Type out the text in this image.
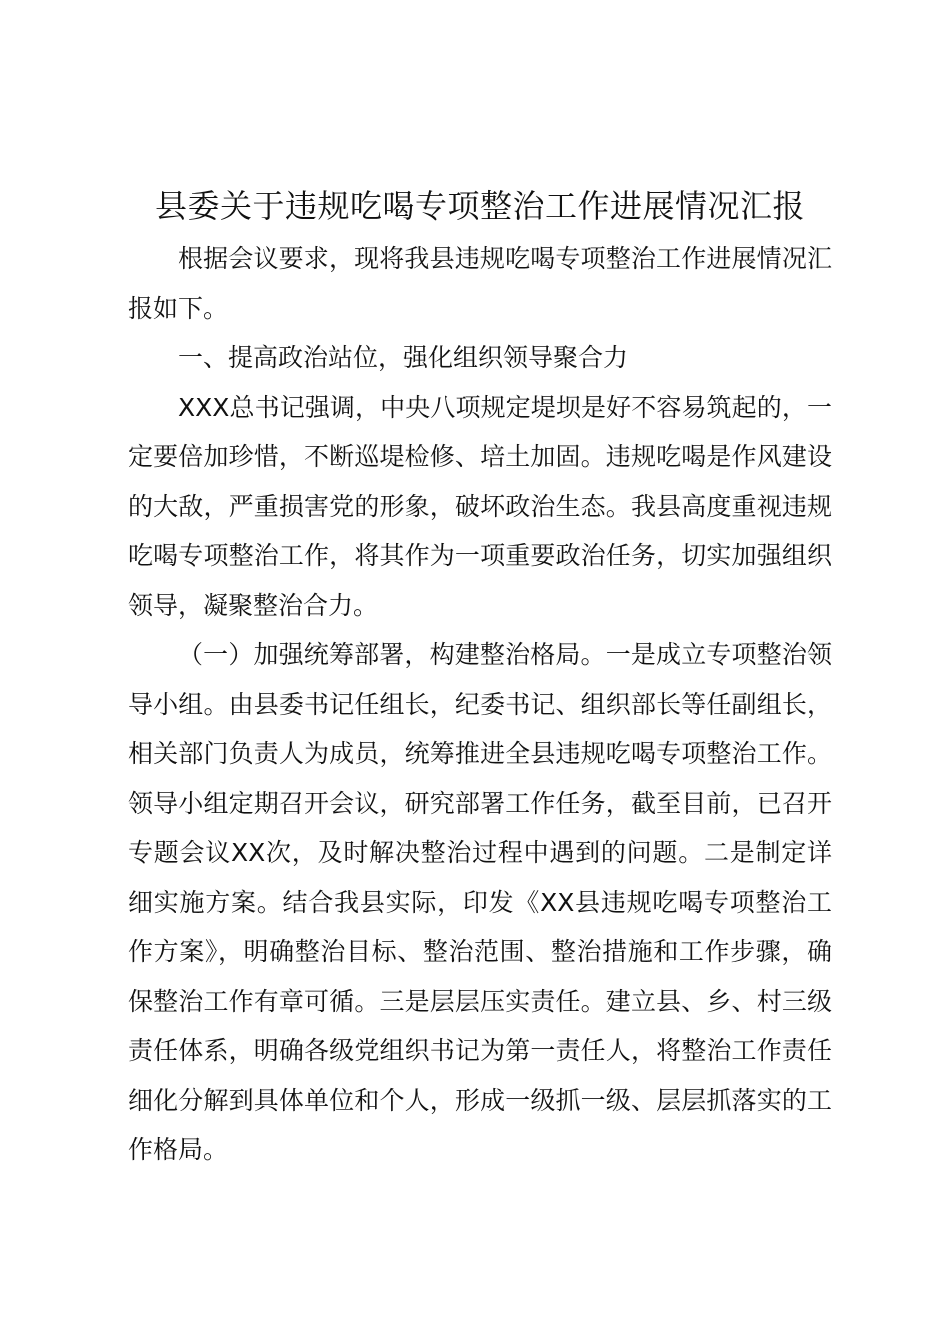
县委关于违规吃喝专项整治工作进展情况汇报

根据会议要求，现将我县违规吃喝专项整治工作进展情况汇报如下。

一、提高政治站位，强化组织领导聚合力

XXX总书记强调，中央八项规定堤坝是好不容易筑起的，一定要倍加珍惜，不断巡堤检修、培土加固。违规吃喝是作风建设的大敌，严重损害党的形象，破坏政治生态。我县高度重视违规吃喝专项整治工作，将其作为一项重要政治任务，切实加强组织领导，凝聚整治合力。

（一）加强统筹部署，构建整治格局。一是成立专项整治领导小组。由县委书记任组长，纪委书记、组织部长等任副组长，相关部门负责人为成员，统筹推进全县违规吃喝专项整治工作。领导小组定期召开会议，研究部署工作任务，截至目前，已召开专题会议XX次，及时解决整治过程中遇到的问题。二是制定详细实施方案。结合我县实际，印发《XX县违规吃喝专项整治工作方案》，明确整治目标、整治范围、整治措施和工作步骤，确保整治工作有章可循。三是层层压实责任。建立县、乡、村三级责任体系，明确各级党组织书记为第一责任人，将整治工作责任细化分解到具体单位和个人，形成一级抓一级、层层抓落实的工作格局。
